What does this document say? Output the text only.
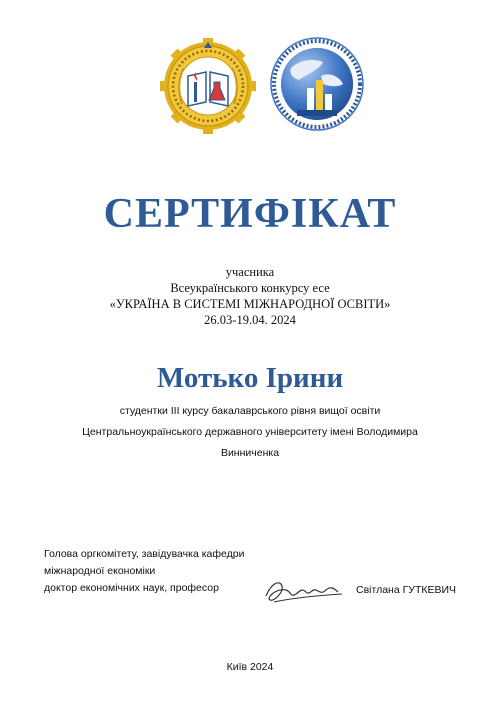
СЕРТИФІКАТ
учасника
Всеукраїнського конкурсу есе
«УКРАЇНА В СИСТЕМІ МІЖНАРОДНОЇ ОСВІТИ»
26.03-19.04. 2024
Мотько Ірини
студентки ІІІ курсу бакалаврського рівня вищої освіти
Центральноукраїнського державного університету імені Володимира
Винниченка
Голова оргкомітету, завідувачка кафедри
міжнародної економіки
доктор економічних наук, професор	Світлана ГУТКЕВИЧ
Київ 2024
